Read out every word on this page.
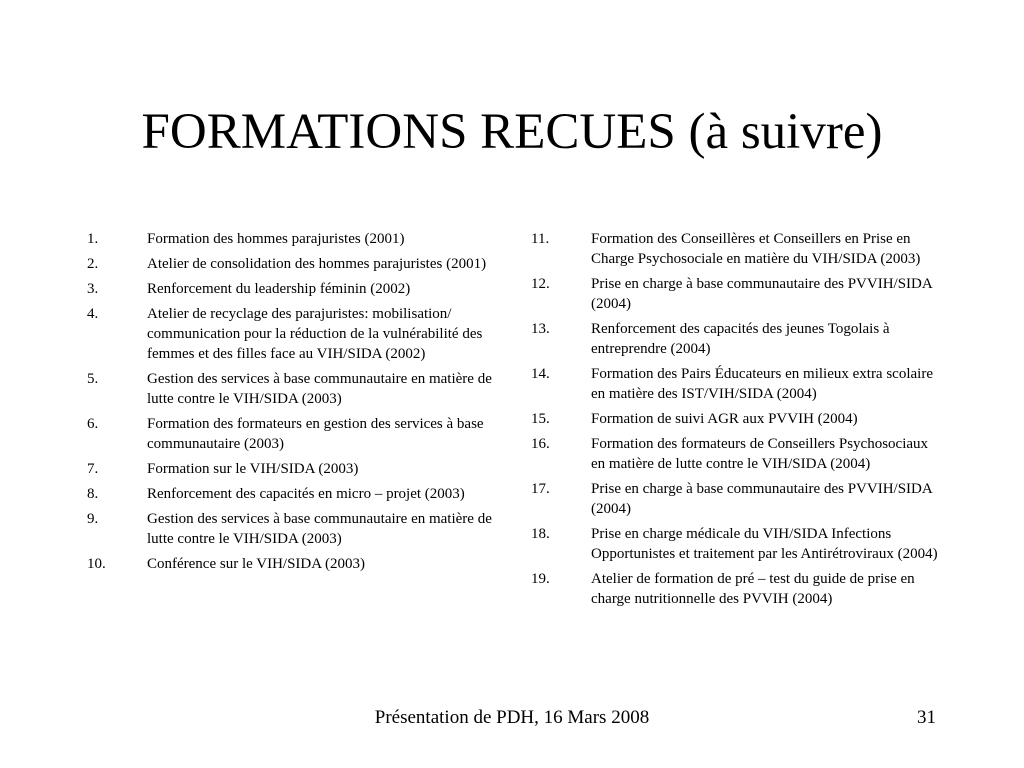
FORMATIONS RECUES (à suivre)
1.	Formation des hommes parajuristes (2001)
2.	Atelier de consolidation des hommes parajuristes (2001)
3.	Renforcement du leadership féminin (2002)
4.	Atelier de recyclage des parajuristes: mobilisation/ communication pour la réduction de la vulnérabilité des femmes et des filles face au VIH/SIDA (2002)
5.	Gestion des services à base communautaire en matière de lutte contre le VIH/SIDA (2003)
6.	Formation des formateurs en gestion des services à base communautaire (2003)
7.	Formation sur le VIH/SIDA (2003)
8.	Renforcement des capacités en micro – projet (2003)
9.	Gestion des services à base communautaire en matière de lutte contre le VIH/SIDA (2003)
10.	Conférence sur le VIH/SIDA (2003)
11.	Formation des Conseillères et Conseillers en Prise en Charge Psychosociale en matière du VIH/SIDA (2003)
12.	Prise en charge à base communautaire des PVVIH/SIDA (2004)
13.	Renforcement des capacités des jeunes Togolais à entreprendre (2004)
14.	Formation des Pairs Éducateurs en milieux extra scolaire en matière des IST/VIH/SIDA (2004)
15.	Formation de suivi AGR aux PVVIH (2004)
16.	Formation des formateurs de Conseillers Psychosociaux en matière de lutte contre le VIH/SIDA (2004)
17.	Prise en charge à base communautaire des PVVIH/SIDA (2004)
18.	Prise en charge médicale du VIH/SIDA Infections Opportunistes et traitement par les Antirétroviraux (2004)
19.	Atelier de formation de pré – test du guide de prise en charge nutritionnelle des PVVIH (2004)
Présentation de PDH, 16 Mars 2008	31
